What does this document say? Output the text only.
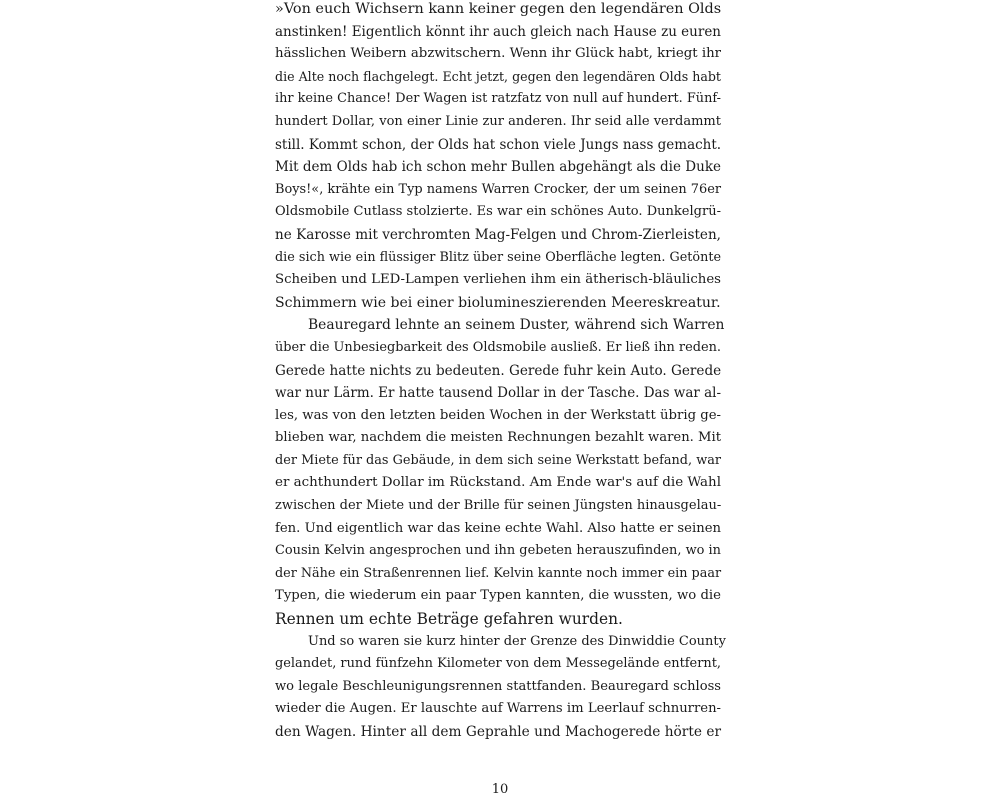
»Von euch Wichsern kann keiner gegen den legendären Olds
anstinken! Eigentlich könnt ihr auch gleich nach Hause zu euren
hässlichen Weibern abzwitschern. Wenn ihr Glück habt, kriegt ihr
die Alte noch flachgelegt. Echt jetzt, gegen den legendären Olds habt
ihr keine Chance! Der Wagen ist ratzfatz von null auf hundert. Fünf-
hundert Dollar, von einer Linie zur anderen. Ihr seid alle verdammt
still. Kommt schon, der Olds hat schon viele Jungs nass gemacht.
Mit dem Olds hab ich schon mehr Bullen abgehängt als die Duke
Boys!«, krähte ein Typ namens Warren Crocker, der um seinen 76er
Oldsmobile Cutlass stolzierte. Es war ein schönes Auto. Dunkelgrü-
ne Karosse mit verchromten Mag-Felgen und Chrom-Zierleisten,
die sich wie ein flüssiger Blitz über seine Oberfläche legten. Getönte
Scheiben und LED-Lampen verliehen ihm ein ätherisch-bläuliches
Schimmern wie bei einer biolumineszierenden Meereskreatur.
Beauregard lehnte an seinem Duster, während sich Warren
über die Unbesiegbarkeit des Oldsmobile ausließ. Er ließ ihn reden.
Gerede hatte nichts zu bedeuten. Gerede fuhr kein Auto. Gerede
war nur Lärm. Er hatte tausend Dollar in der Tasche. Das war al-
les, was von den letzten beiden Wochen in der Werkstatt übrig ge-
blieben war, nachdem die meisten Rechnungen bezahlt waren. Mit
der Miete für das Gebäude, in dem sich seine Werkstatt befand, war
er achthundert Dollar im Rückstand. Am Ende war's auf die Wahl
zwischen der Miete und der Brille für seinen Jüngsten hinausgelau-
fen. Und eigentlich war das keine echte Wahl. Also hatte er seinen
Cousin Kelvin angesprochen und ihn gebeten herauszufinden, wo in
der Nähe ein Straßenrennen lief. Kelvin kannte noch immer ein paar
Typen, die wiederum ein paar Typen kannten, die wussten, wo die
Rennen um echte Beträge gefahren wurden.
Und so waren sie kurz hinter der Grenze des Dinwiddie County
gelandet, rund fünfzehn Kilometer von dem Messegelände entfernt,
wo legale Beschleunigungsrennen stattfanden. Beauregard schloss
wieder die Augen. Er lauschte auf Warrens im Leerlauf schnurren-
den Wagen. Hinter all dem Geprahle und Machogerede hörte er
10
